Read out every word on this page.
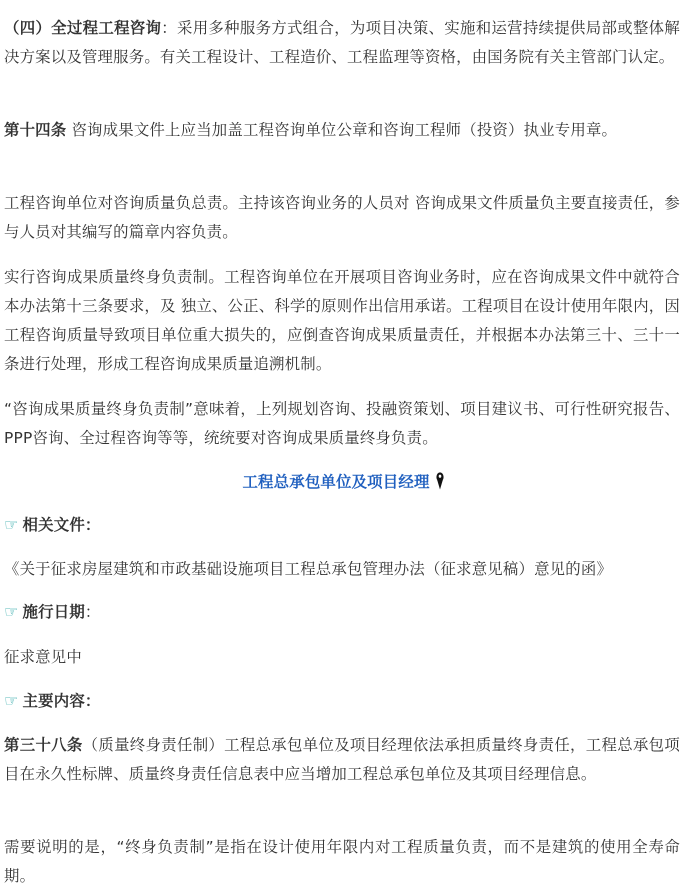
（四）全过程工程咨询：采用多种服务方式组合，为项目决策、实施和运营持续提供局部或整体解决方案以及管理服务。有关工程设计、工程造价、工程监理等资格，由国务院有关主管部门认定。

第十四条 咨询成果文件上应当加盖工程咨询单位公章和咨询工程师（投资）执业专用章。

工程咨询单位对咨询质量负总责。主持该咨询业务的人员对 咨询成果文件质量负主要直接责任，参与人员对其编写的篇章内容负责。

实行咨询成果质量终身负责制。工程咨询单位在开展项目咨询业务时，应在咨询成果文件中就符合本办法第十三条要求，及 独立、公正、科学的原则作出信用承诺。工程项目在设计使用年限内，因工程咨询质量导致项目单位重大损失的，应倒查咨询成果质量责任，并根据本办法第三十、三十一条进行处理，形成工程咨询成果质量追溯机制。

“咨询成果质量终身负责制”意味着，上列规划咨询、投融资策划、项目建议书、可行性研究报告、PPP咨询、全过程咨询等等，统统要对咨询成果质量终身负责。

工程总承包单位及项目经理

☞ 相关文件：

《关于征求房屋建筑和市政基础设施项目工程总承包管理办法（征求意见稿）意见的函》

☞ 施行日期：

征求意见中

☞ 主要内容：

第三十八条（质量终身责任制）工程总承包单位及项目经理依法承担质量终身责任，工程总承包项目在永久性标牌、质量终身责任信息表中应当增加工程总承包单位及其项目经理信息。

需要说明的是，“终身负责制”是指在设计使用年限内对工程质量负责，而不是建筑的使用全寿命期。
